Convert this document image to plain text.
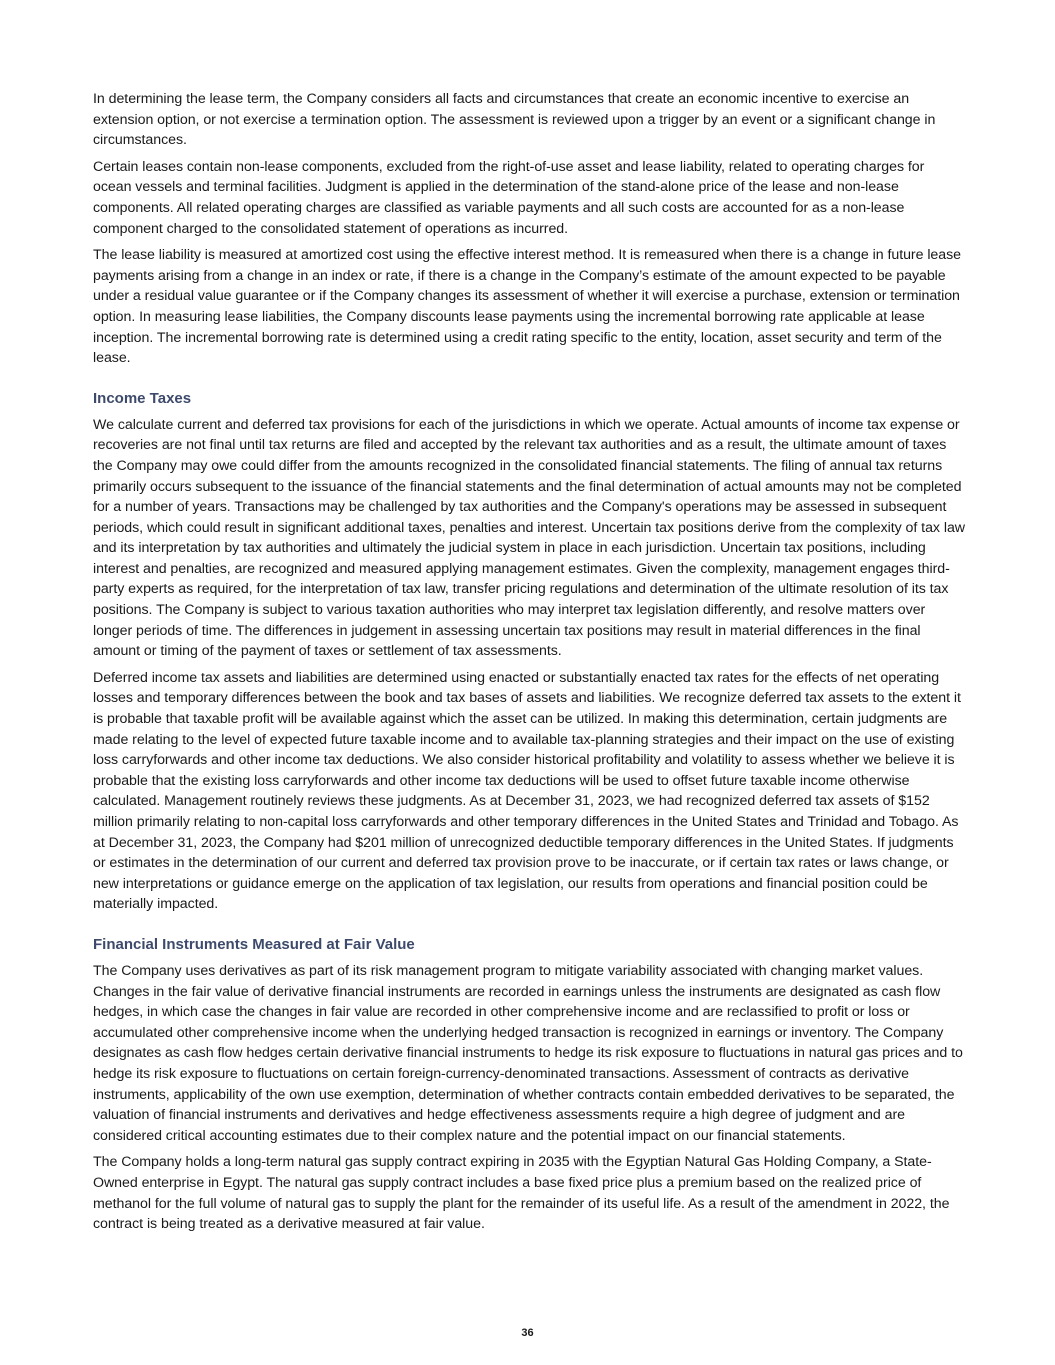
In determining the lease term, the Company considers all facts and circumstances that create an economic incentive to exercise an extension option, or not exercise a termination option. The assessment is reviewed upon a trigger by an event or a significant change in circumstances.

Certain leases contain non-lease components, excluded from the right-of-use asset and lease liability, related to operating charges for ocean vessels and terminal facilities. Judgment is applied in the determination of the stand-alone price of the lease and non-lease components. All related operating charges are classified as variable payments and all such costs are accounted for as a non-lease component charged to the consolidated statement of operations as incurred.

The lease liability is measured at amortized cost using the effective interest method. It is remeasured when there is a change in future lease payments arising from a change in an index or rate, if there is a change in the Company’s estimate of the amount expected to be payable under a residual value guarantee or if the Company changes its assessment of whether it will exercise a purchase, extension or termination option. In measuring lease liabilities, the Company discounts lease payments using the incremental borrowing rate applicable at lease inception. The incremental borrowing rate is determined using a credit rating specific to the entity, location, asset security and term of the lease.

Income Taxes

We calculate current and deferred tax provisions for each of the jurisdictions in which we operate. Actual amounts of income tax expense or recoveries are not final until tax returns are filed and accepted by the relevant tax authorities and as a result, the ultimate amount of taxes the Company may owe could differ from the amounts recognized in the consolidated financial statements. The filing of annual tax returns primarily occurs subsequent to the issuance of the financial statements and the final determination of actual amounts may not be completed for a number of years. Transactions may be challenged by tax authorities and the Company's operations may be assessed in subsequent periods, which could result in significant additional taxes, penalties and interest. Uncertain tax positions derive from the complexity of tax law and its interpretation by tax authorities and ultimately the judicial system in place in each jurisdiction. Uncertain tax positions, including interest and penalties, are recognized and measured applying management estimates. Given the complexity, management engages third-party experts as required, for the interpretation of tax law, transfer pricing regulations and determination of the ultimate resolution of its tax positions. The Company is subject to various taxation authorities who may interpret tax legislation differently, and resolve matters over longer periods of time. The differences in judgement in assessing uncertain tax positions may result in material differences in the final amount or timing of the payment of taxes or settlement of tax assessments.

Deferred income tax assets and liabilities are determined using enacted or substantially enacted tax rates for the effects of net operating losses and temporary differences between the book and tax bases of assets and liabilities. We recognize deferred tax assets to the extent it is probable that taxable profit will be available against which the asset can be utilized. In making this determination, certain judgments are made relating to the level of expected future taxable income and to available tax-planning strategies and their impact on the use of existing loss carryforwards and other income tax deductions. We also consider historical profitability and volatility to assess whether we believe it is probable that the existing loss carryforwards and other income tax deductions will be used to offset future taxable income otherwise calculated. Management routinely reviews these judgments. As at December 31, 2023, we had recognized deferred tax assets of $152 million primarily relating to non-capital loss carryforwards and other temporary differences in the United States and Trinidad and Tobago. As at December 31, 2023, the Company had $201 million of unrecognized deductible temporary differences in the United States. If judgments or estimates in the determination of our current and deferred tax provision prove to be inaccurate, or if certain tax rates or laws change, or new interpretations or guidance emerge on the application of tax legislation, our results from operations and financial position could be materially impacted.

Financial Instruments Measured at Fair Value

The Company uses derivatives as part of its risk management program to mitigate variability associated with changing market values. Changes in the fair value of derivative financial instruments are recorded in earnings unless the instruments are designated as cash flow hedges, in which case the changes in fair value are recorded in other comprehensive income and are reclassified to profit or loss or accumulated other comprehensive income when the underlying hedged transaction is recognized in earnings or inventory. The Company designates as cash flow hedges certain derivative financial instruments to hedge its risk exposure to fluctuations in natural gas prices and to hedge its risk exposure to fluctuations on certain foreign-currency-denominated transactions. Assessment of contracts as derivative instruments, applicability of the own use exemption, determination of whether contracts contain embedded derivatives to be separated, the valuation of financial instruments and derivatives and hedge effectiveness assessments require a high degree of judgment and are considered critical accounting estimates due to their complex nature and the potential impact on our financial statements.

The Company holds a long-term natural gas supply contract expiring in 2035 with the Egyptian Natural Gas Holding Company, a State-Owned enterprise in Egypt. The natural gas supply contract includes a base fixed price plus a premium based on the realized price of methanol for the full volume of natural gas to supply the plant for the remainder of its useful life. As a result of the amendment in 2022, the contract is being treated as a derivative measured at fair value.

36
